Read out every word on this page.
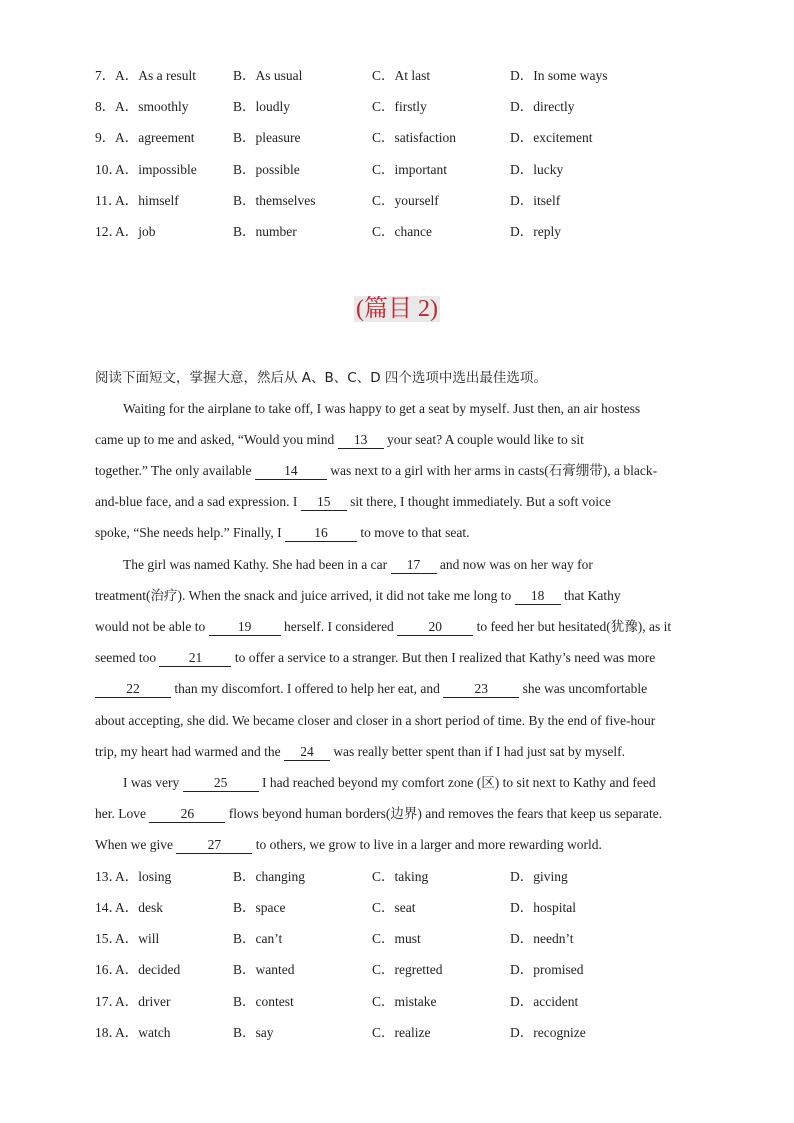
7． A．As a result	B．As usual	C．At last	D．In some ways
8． A．smoothly	B．loudly	C．firstly	D．directly
9． A．agreement	B．pleasure	C．satisfaction	D．excitement
10．
A．impossible	B．possible	C．important	D．lucky
11．
A．himself	B．themselves	C．yourself	D．itself
12．
A．job	B．number	C．chance	D．reply
(篇目 2)
阅读下面短文，掌握大意，然后从 A、B、C、D 四个选项中选出最佳选项。
Waiting for the airplane to take off, I was happy to get a seat by myself. Just then, an air hostess
came up to me and asked, “Would you mind 13 your seat? A couple would like to sit
together.” The only available 14 was next to a girl with her arms in casts(石膏绷带), a black-
and-blue face, and a sad expression. I 15 sit there, I thought immediately. But a soft voice
spoke, “She needs help.” Finally, I 16 to move to that seat.
The girl was named Kathy. She had been in a car 17 and now was on her way for
treatment(治疗). When the snack and juice arrived, it did not take me long to 18 that Kathy
would not be able to 19 herself. I considered 20 to feed her but hesitated(犹豫), as it
seemed too 21 to offer a service to a stranger. But then I realized that Kathy’s need was more
22 than my discomfort. I offered to help her eat, and 23 she was uncomfortable
about accepting, she did. We became closer and closer in a short period of time. By the end of five-hour
trip, my heart had warmed and the 24 was really better spent than if I had just sat by myself.
I was very 25 I had reached beyond my comfort zone (区) to sit next to Kathy and feed
her. Love 26 flows beyond human borders(边界) and removes the fears that keep us separate.
When we give 27 to others, we grow to live in a larger and more rewarding world.
13．
A．losing	B．changing	C．taking	D．giving
14．
A．desk	B．space	C．seat	D．hospital
15．
A．will	B．can’t	C．must	D．needn’t
16．
A．decided	B．wanted	C．regretted	D．promised
17．
A．driver	B．contest	C．mistake	D．accident
18．
A．watch	B．say	C．realize	D．recognize
